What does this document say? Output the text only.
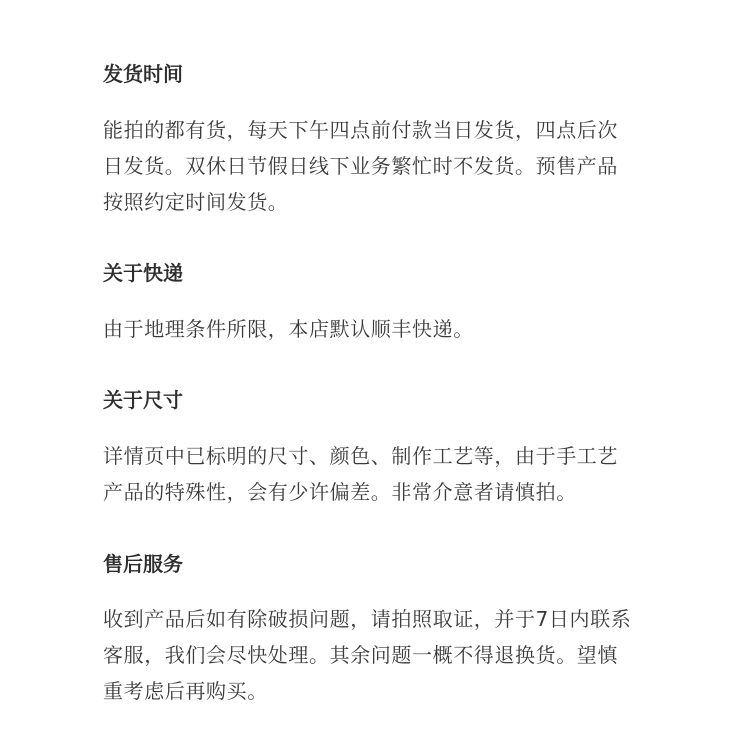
发货时间

能拍的都有货，每天下午四点前付款当日发货，四点后次
日发货。双休日节假日线下业务繁忙时不发货。预售产品
按照约定时间发货。

关于快递

由于地理条件所限，本店默认顺丰快递。

关于尺寸

详情页中已标明的尺寸、颜色、制作工艺等，由于手工艺
产品的特殊性，会有少许偏差。非常介意者请慎拍。

售后服务

收到产品后如有除破损问题，请拍照取证，并于7日内联系
客服，我们会尽快处理。其余问题一概不得退换货。望慎
重考虑后再购买。
